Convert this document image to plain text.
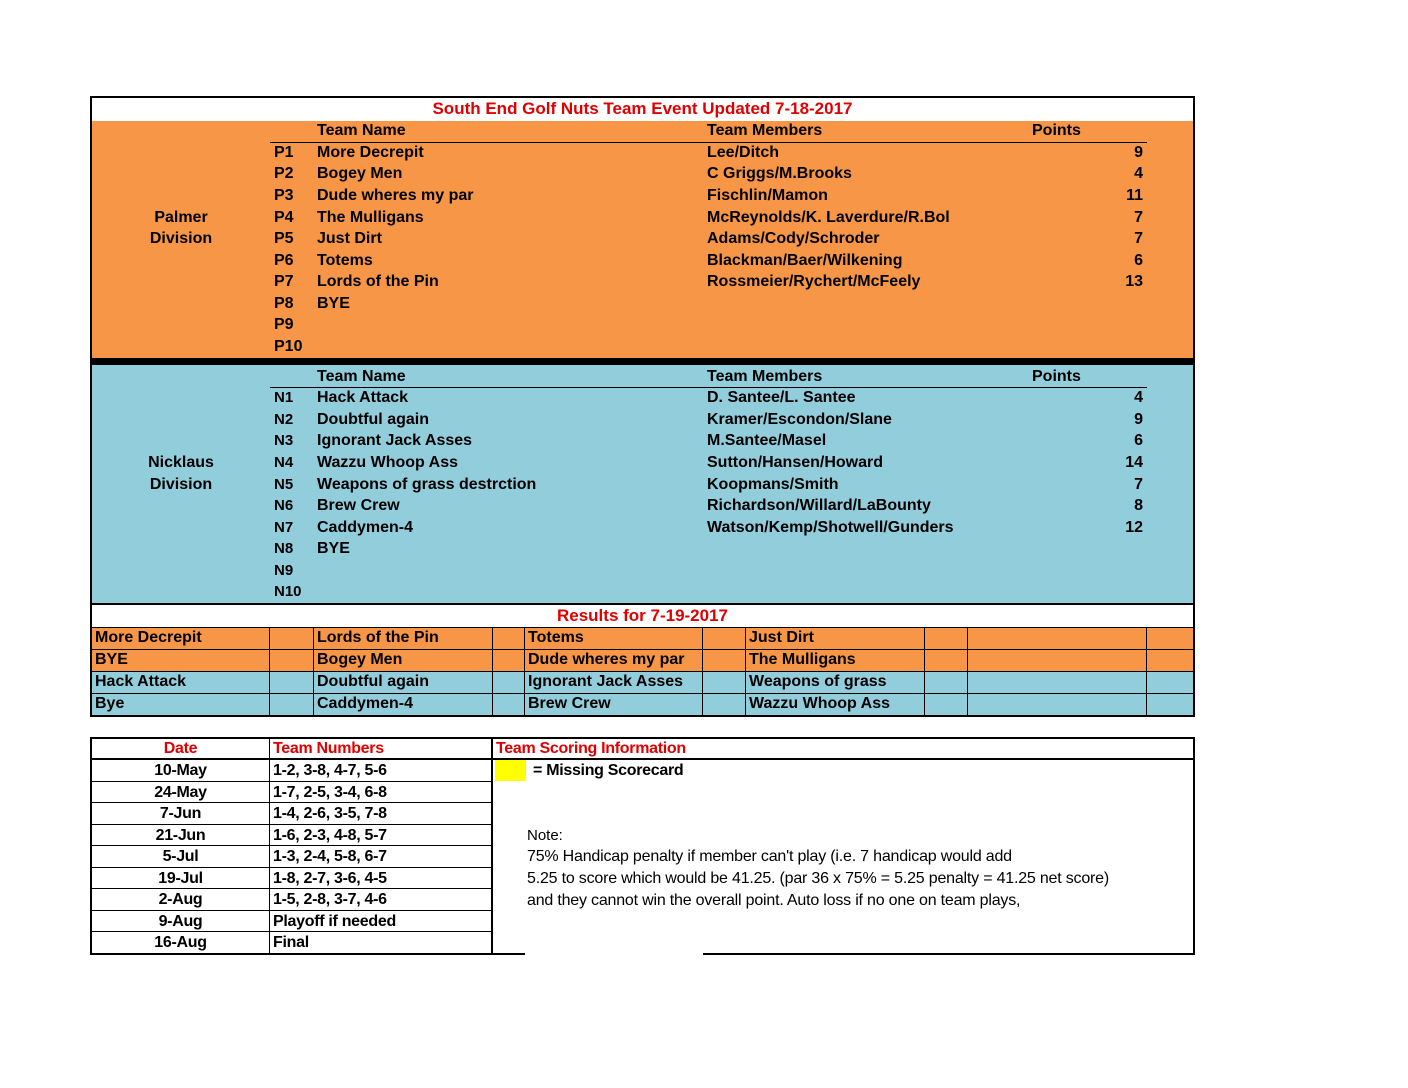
South End Golf Nuts Team Event Updated 7-18-2017
Team Name	Team Members	Points
Palmer
Division
P1 More Decrepit	Lee/Ditch	9
P2 Bogey Men	C Griggs/M.Brooks	4
P3 Dude wheres my par	Fischlin/Mamon	11
P4 The Mulligans	McReynolds/K. Laverdure/R.Bol	7
P5 Just Dirt	Adams/Cody/Schroder	7
P6 Totems	Blackman/Baer/Wilkening	6
P7 Lords of the Pin	Rossmeier/Rychert/McFeely	13
P8 BYE
P9
P10
Team Name	Team Members	Points
Nicklaus
Division
N1 Hack Attack	D. Santee/L. Santee	4
N2 Doubtful again	Kramer/Escondon/Slane	9
N3 Ignorant Jack Asses	M.Santee/Masel	6
N4 Wazzu Whoop Ass	Sutton/Hansen/Howard	14
N5 Weapons of grass destrction	Koopmans/Smith	7
N6 Brew Crew	Richardson/Willard/LaBounty	8
N7 Caddymen-4	Watson/Kemp/Shotwell/Gunders	12
N8 BYE
N9
N10
Results for 7-19-2017
More Decrepit	Lords of the Pin	Totems	Just Dirt
BYE	Bogey Men	Dude wheres my par	The Mulligans
Hack Attack	Doubtful again	Ignorant Jack Asses	Weapons of grass
Bye	Caddymen-4	Brew Crew	Wazzu Whoop Ass
Date	Team Numbers	Team Scoring Information
10-May	1-2, 3-8, 4-7, 5-6
24-May	1-7, 2-5, 3-4, 6-8
7-Jun	1-4, 2-6, 3-5, 7-8
21-Jun	1-6, 2-3, 4-8, 5-7
5-Jul	1-3, 2-4, 5-8, 6-7
19-Jul	1-8, 2-7, 3-6, 4-5
2-Aug	1-5, 2-8, 3-7, 4-6
9-Aug	Playoff if needed
16-Aug	Final
= Missing Scorecard
Note:
75% Handicap penalty if member can't play (i.e. 7 handicap would add
5.25 to score which would be 41.25. (par 36 x 75% = 5.25 penalty = 41.25 net score)
and they cannot win the overall point. Auto loss if no one on team plays,
